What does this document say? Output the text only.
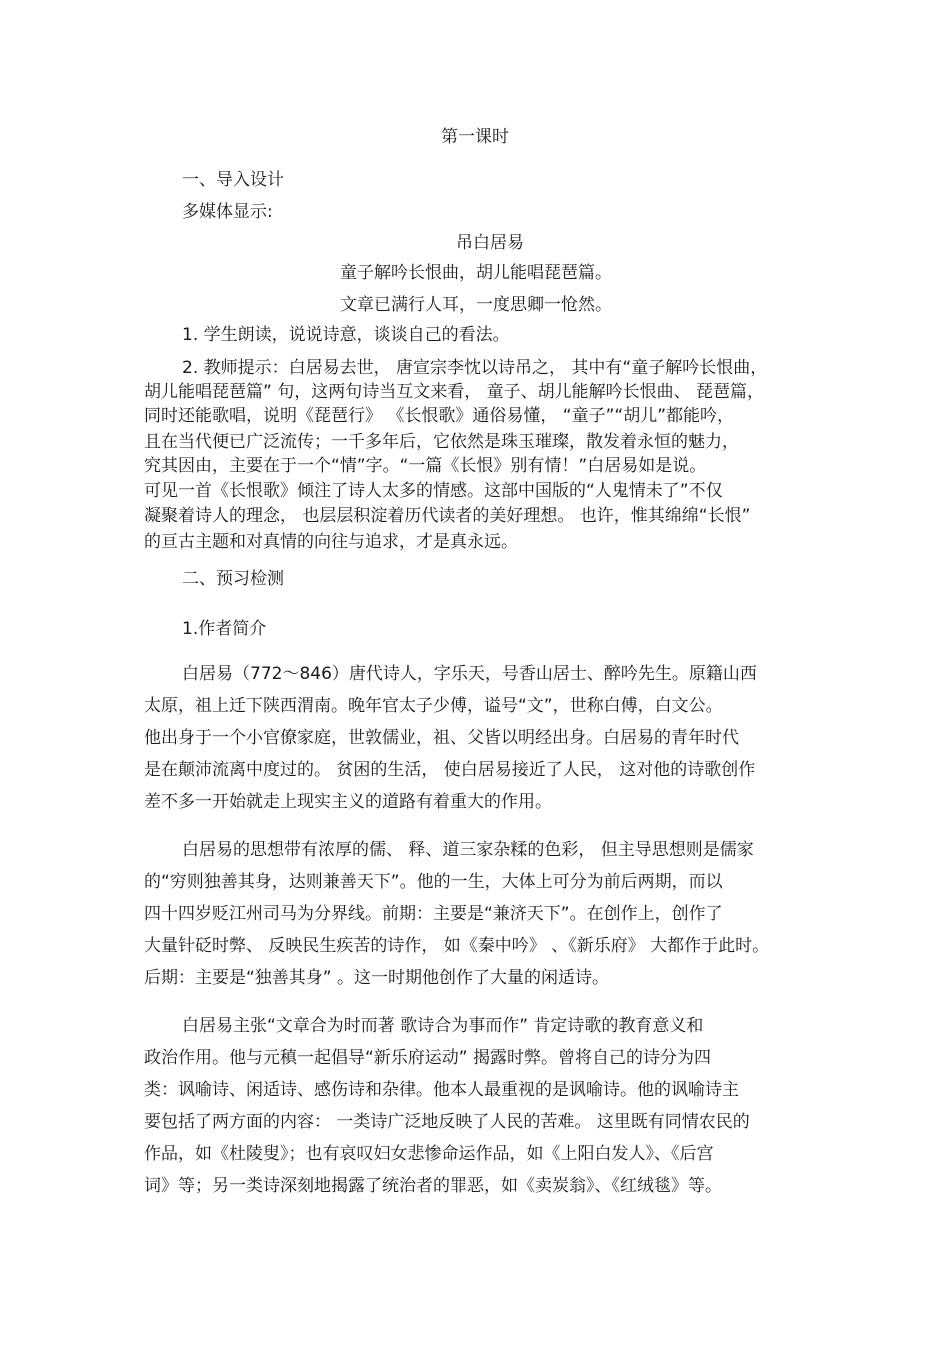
第一课时
一、导入设计
多媒体显示:
吊白居易
童子解吟长恨曲，胡儿能唱琵琶篇。
文章已满行人耳，一度思卿一怆然。
1. 学生朗读，说说诗意，谈谈自己的看法。
2. 教师提示：白居易去世， 唐宣宗李忱以诗吊之， 其中有“童子解吟长恨曲，
胡儿能唱琵琶篇” 句，这两句诗当互文来看， 童子、胡儿能解吟长恨曲、 琵琶篇，
同时还能歌唱，说明《琵琶行》 《长恨歌》通俗易懂， “童子”“胡儿”都能吟，
且在当代便已广泛流传；一千多年后，它依然是珠玉璀璨，散发着永恒的魅力，
究其因由，主要在于一个“情”字。“一篇《长恨》别有情！”白居易如是说。
可见一首《长恨歌》倾注了诗人太多的情感。这部中国版的“人鬼情未了”不仅
凝聚着诗人的理念， 也层层积淀着历代读者的美好理想。 也许，惟其绵绵“长恨”
的亘古主题和对真情的向往与追求，才是真永远。
二、预习检测
1.作者简介
白居易（772～846）唐代诗人，字乐天，号香山居士、醉吟先生。原籍山西
太原，祖上迁下陕西渭南。晚年官太子少傅，谥号“文”，世称白傅，白文公。
他出身于一个小官僚家庭，世敦儒业，祖、父皆以明经出身。白居易的青年时代
是在颠沛流离中度过的。 贫困的生活， 使白居易接近了人民， 这对他的诗歌创作
差不多一开始就走上现实主义的道路有着重大的作用。
白居易的思想带有浓厚的儒、 释、道三家杂糅的色彩， 但主导思想则是儒家
的“穷则独善其身，达则兼善天下”。他的一生，大体上可分为前后两期，而以
四十四岁贬江州司马为分界线。前期：主要是“兼济天下”。在创作上，创作了
大量针砭时弊、 反映民生疾苦的诗作， 如《秦中吟》 、《新乐府》 大都作于此时。
后期：主要是“独善其身” 。这一时期他创作了大量的闲适诗。
白居易主张“文章合为时而著 歌诗合为事而作” 肯定诗歌的教育意义和
政治作用。他与元稹一起倡导“新乐府运动” 揭露时弊。曾将自己的诗分为四
类：讽喻诗、闲适诗、感伤诗和杂律。他本人最重视的是讽喻诗。他的讽喻诗主
要包括了两方面的内容： 一类诗广泛地反映了人民的苦难。 这里既有同情农民的
作品，如《杜陵叟》；也有哀叹妇女悲惨命运作品，如《上阳白发人》、《后宫
词》等；另一类诗深刻地揭露了统治者的罪恶，如《卖炭翁》、《红绒毯》等。
